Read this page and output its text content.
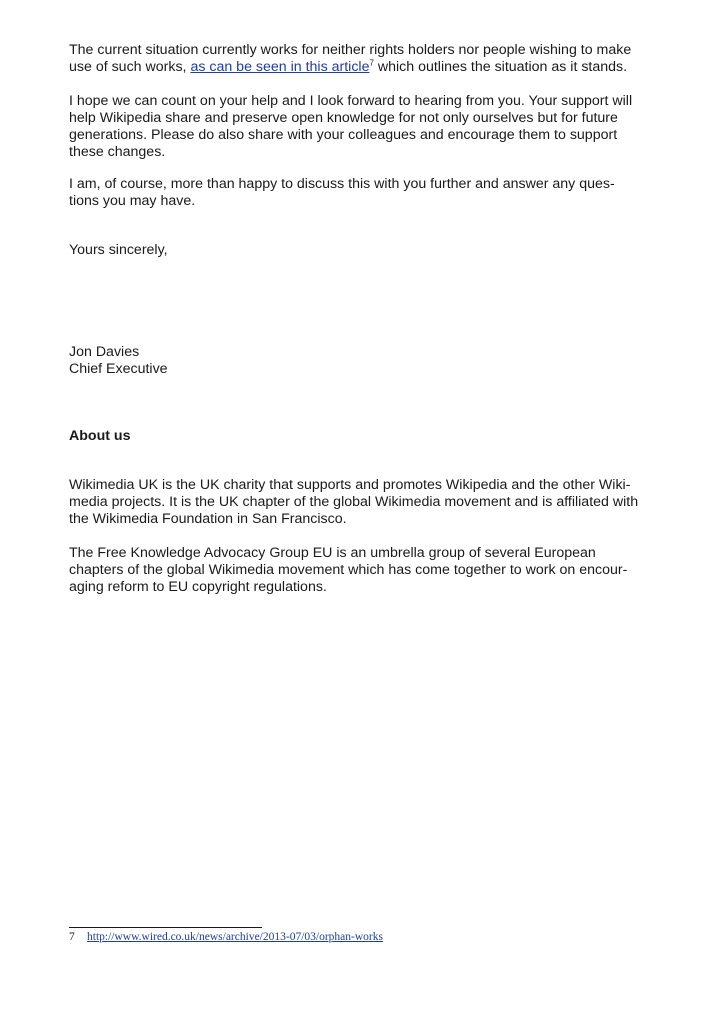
The current situation currently works for neither rights holders nor people wishing to make
use of such works, as can be seen in this article$^7$ which outlines the situation as it stands.

I hope we can count on your help and I look forward to hearing from you. Your support will
help Wikipedia share and preserve open knowledge for not only ourselves but for future
generations. Please do also share with your colleagues and encourage them to support
these changes.

I am, of course, more than happy to discuss this with you further and answer any ques-
tions you may have.

Yours sincerely,

Jon Davies

Chief Executive

About us

Wikimedia UK is the UK charity that supports and promotes Wikipedia and the other Wiki-
media projects. It is the UK chapter of the global Wikimedia movement and is affiliated with
the Wikimedia Foundation in San Francisco.

The Free Knowledge Advocacy Group EU is an umbrella group of several European
chapters of the global Wikimedia movement which has come together to work on encour-
aging reform to EU copyright regulations.

7 http://www.wired.co.uk/news/archive/2013-07/03/orphan-works
